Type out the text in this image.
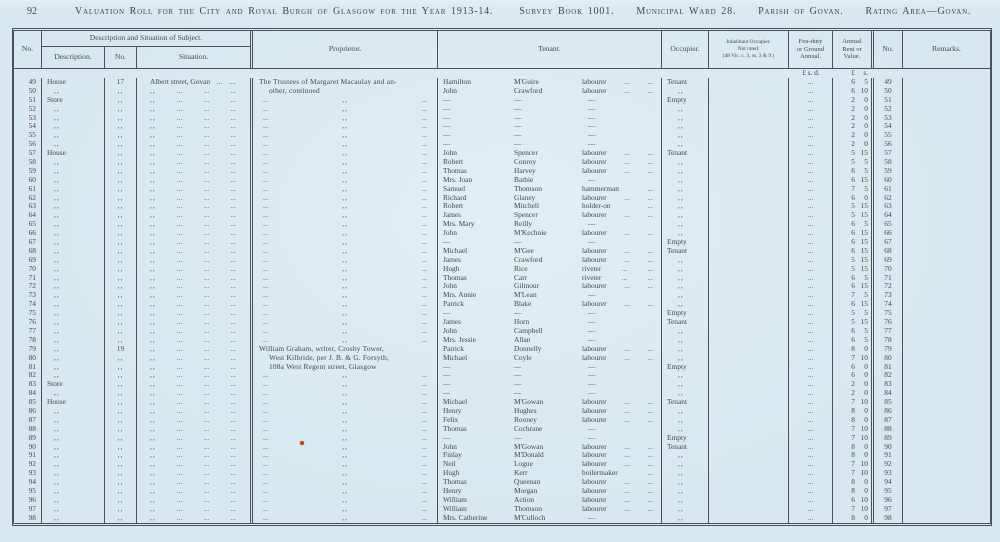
92	Valuation Roll for the City and Royal Burgh of Glasgow for the Year 1913-14.	Survey Book 1001. Municipal Ward 28. Parish of Govan. Rating Area—Govan.
No.
Description and Situation of Subject.
Description.	No.	Situation.
Proprietor.	Tenant.	Occupier.
Inhabitant Occupier.
Not rated.
(48 Vic. c. 3, ss. 3 & 9.)
Feu-duty
or Ground
Annual.
Annual
Rent or
Value.
No.	Remarks.
£ s. d.	£	s.
49	House	17	Albert street, Govan ... ....	The Trustees of Margaret Macaulay and an-	Hamilton	M'Guire	labourer ... ...	Tenant	...	6	5	49
50	,,	,,	,,	...	...	...	other, continued	John	Crawford	labourer ... ...	,,	...	6 10	50
51	Store	,,	,,	...	...	...	...	,,	...	—	—	—	Empty	...	2	0	51
52	,,	,,	,,	...	...	...	...	,,	...	—	—	—	,,	...	2	0	52
53	,,	,,	,,	...	...	...	...	,,	...	—	—	—	,,	...	2	0	53
54	,,	,,	,,	...	...	...	...	,,	...	—	—	—	,,	...	2	0	54
55	,,	,,	,,	...	...	...	...	,,	...	—	—	—	,,	...	2	0	55
56	,,	,,	,,	...	...	...	...	,,	...	—	—	—	,,	...	2	0	56
57	House	,,	,,	...	...	...	...	,,	...	John	Spencer	labourer ... ...	Tenant	...	5 15	57
58	,,	,,	,,	...	...	...	...	,,	...	Robert	Conroy	labourer ... ...	,,	...	5	5	58
59	,,	,,	,,	...	...	...	...	,,	...	Thomas	Harvey	labourer ... ...	,,	...	6	5	59
60	,,	,,	,,	...	...	...	...	,,	...	Mrs. Joan	Bathie	—	,,	...	6 15	60
61	,,	,,	,,	...	...	...	...	,,	...	Samuel	Thomson	hammerman	...	,,	...	7	5	61
62	,,	,,	,,	...	...	...	...	,,	...	Richard	Glaney	labourer ... ...	,,	...	6	0	62
63	,,	,,	,,	...	...	...	...	,,	...	Robert	Mitchell	holder-on	...	,,	...	5 15	63
64	,,	,,	,,	...	...	...	...	,,	...	James	Spencer	labourer ... ...	,,	...	5 15	64
65	,,	,,	,,	...	...	...	...	,,	...	Mrs. Mary	Reilly	—	,,	...	6	5	65
66	,,	,,	,,	...	...	...	...	,,	...	John	M'Kechnie	labourer ... ...	,,	...	6 15	66
67	,,	,,	,,	...	...	...	...	,,	...	—	—	—	Empty	...	6 15	67
68	,,	,,	,,	...	...	...	...	,,	...	Michael	M'Gee	labourer ... ...	Tenant	...	6 15	68
69	,,	,,	,,	...	...	...	...	,,	...	James	Crawford	labourer ... ...	,,	...	5 15	69
70	,,	,,	,,	...	...	...	...	,,	...	Hugh	Rice	riveter	...	...	,,	...	5 15	70
71	,,	,,	,,	...	...	...	...	,,	...	Thomas	Carr	riveter	...	...	,,	...	6	5	71
72	,,	,,	,,	...	...	...	...	,,	...	John	Gilmour	labourer ... ...	,,	...	6 15	72
73	,,	,,	,,	...	...	...	...	,,	...	Mrs. Annie	M'Lean	—	,,	...	7	5	73
74	,,	,,	,,	...	...	...	...	,,	...	Patrick	Blake	labourer ... ...	,,	...	6 15	74
75	,,	,,	,,	...	...	...	...	,,	...	—	—	—	Empty	...	5	5	75
76	,,	,,	,,	...	...	...	...	,,	...	James	Horn	—	Tenant	...	5 15	76
77	,,	,,	,,	...	...	...	...	,,	...	John	Campbell	—	,,	...	6	5	77
78	,,	,,	,,	...	...	...	...	,,	...	Mrs. Jessie	Allan	—	,,	...	6	5	78
79	,,	19	,,	...	...	...	William Graham, writer, Crosby Tower,	Patrick	Donnelly	labourer ... ...	,,	...	8	0	79
80	,,	,,	,,	...	...	...	West Kilbride, per J. B. & G. Forsyth,	Michael	Coyle	labourer ... ...	,,	...	7 10	80
81	,,	,,	,,	...	...	...	108a West Regent street, Glasgow	—	—	—	Empty	...	6	0	81
82	,,	,,	,,	...	...	...	...	,,	...	—	—	—	,,	...	6	0	82
83	Store	,,	,,	...	...	...	...	,,	...	—	—	—	,,	...	2	0	83
84	,,	,,	,,	...	...	...	...	,,	...	—	—	—	,,	...	2	0	84
85	House	,,	,,	...	...	...	...	,,	...	Michael	M'Gowan	labourer ... ...	Tenant	...	7 10	85
86	,,	,,	,,	...	...	...	...	,,	...	Henry	Hughes	labourer ... ...	,,	...	8	0	86
87	,,	,,	,,	...	...	...	...	,,	...	Felix	Rooney	labourer ... ...	,,	...	8	0	87
88	,,	,,	,,	...	...	...	...	,,	...	Thomas	Cochrane	—	,,	...	7 10	88
89	,,	,,	,,	...	...	...	...	,,	...	—	—	—	Empty	...	7 10	89
90	,,	,,	,,	...	...	...	...	,,	...	John	M'Gowan	labourer ... ...	Tenant	...	8	0	90
91	,,	,,	,,	...	...	...	...	,,	...	Finlay	M'Donald	labourer ... ...	,,	...	8	0	91
92	,,	,,	,,	...	...	...	...	,,	...	Neil	Logue	labourer ... ...	,,	...	7 10	92
93	,,	,,	,,	...	...	...	...	,,	...	Hugh	Kerr	boilermaker	...	,,	...	7 10	93
94	,,	,,	,,	...	...	...	...	,,	...	Thomas	Queenan	labourer ... ...	,,	...	8	0	94
95	,,	,,	,,	...	...	...	...	,,	...	Henry	Morgan	labourer ... ...	,,	...	8	0	95
96	,,	,,	,,	...	...	...	...	,,	...	William	Action	labourer ... ...	,,	...	6 10	96
97	,,	,,	,,	...	...	...	...	,,	...	William	Thomson	labourer ... ...	,,	...	7 10	97
98	,,	,,	,,	...	...	...	...	,,	...	Mrs. Catherine	M'Culloch	—	,,	...	8	0	98
